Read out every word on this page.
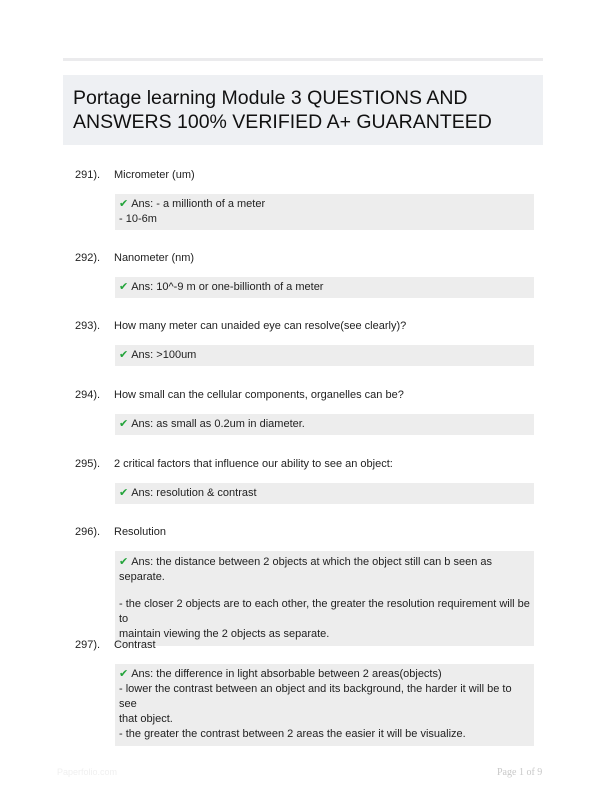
Portage learning Module 3 QUESTIONS AND ANSWERS 100% VERIFIED A+ GUARANTEED
291). Micrometer (um)
✔ Ans: - a millionth of a meter
- 10-6m
292). Nanometer (nm)
✔ Ans: 10^-9 m or one-billionth of a meter
293). How many meter can unaided eye can resolve(see clearly)?
✔ Ans: >100um
294). How small can the cellular components, organelles can be?
✔ Ans: as small as 0.2um in diameter.
295). 2 critical factors that influence our ability to see an object:
✔ Ans: resolution & contrast
296). Resolution
✔ Ans: the distance between 2 objects at which the object still can b seen as separate.
- the closer 2 objects are to each other, the greater the resolution requirement will be to
maintain viewing the 2 objects as separate.
297). Contrast
✔ Ans: the difference in light absorbable between 2 areas(objects)
- lower the contrast between an object and its background, the harder it will be to see
that object.
- the greater the contrast between 2 areas the easier it will be visualize.
Paperfolio.com	Page 1 of 9
